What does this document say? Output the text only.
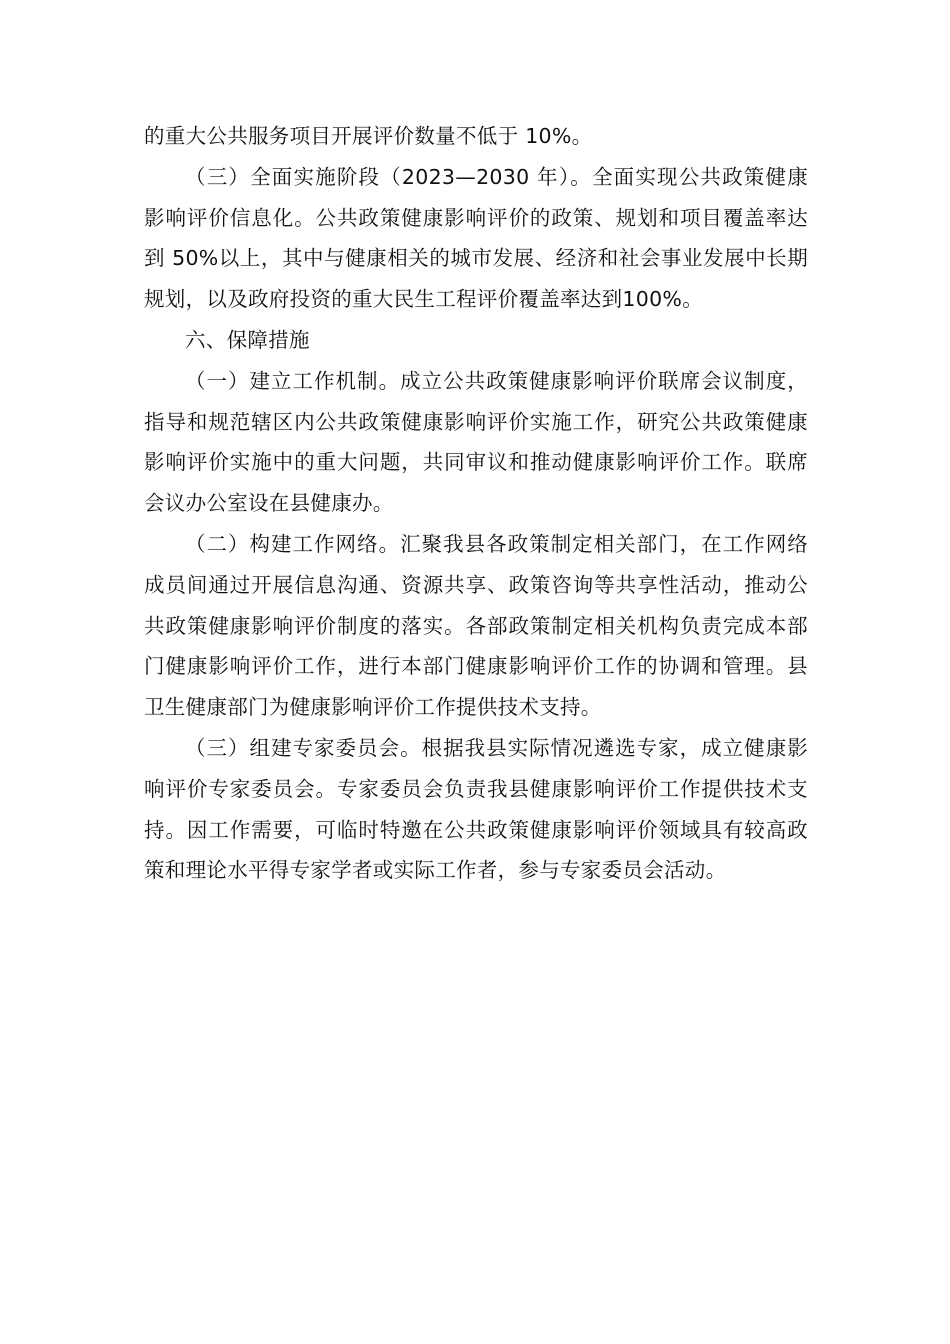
的重大公共服务项目开展评价数量不低于 10%。

（三）全面实施阶段（2023—2030 年）。全面实现公共政策健康影响评价信息化。公共政策健康影响评价的政策、规划和项目覆盖率达到 50%以上，其中与健康相关的城市发展、经济和社会事业发展中长期规划，以及政府投资的重大民生工程评价覆盖率达到100%。

六、保障措施

（一）建立工作机制。成立公共政策健康影响评价联席会议制度，指导和规范辖区内公共政策健康影响评价实施工作，研究公共政策健康影响评价实施中的重大问题，共同审议和推动健康影响评价工作。联席会议办公室设在县健康办。

（二）构建工作网络。汇聚我县各政策制定相关部门，在工作网络成员间通过开展信息沟通、资源共享、政策咨询等共享性活动，推动公共政策健康影响评价制度的落实。各部政策制定相关机构负责完成本部门健康影响评价工作，进行本部门健康影响评价工作的协调和管理。县卫生健康部门为健康影响评价工作提供技术支持。

（三）组建专家委员会。根据我县实际情况遴选专家，成立健康影响评价专家委员会。专家委员会负责我县健康影响评价工作提供技术支持。因工作需要，可临时特邀在公共政策健康影响评价领域具有较高政策和理论水平得专家学者或实际工作者，参与专家委员会活动。
